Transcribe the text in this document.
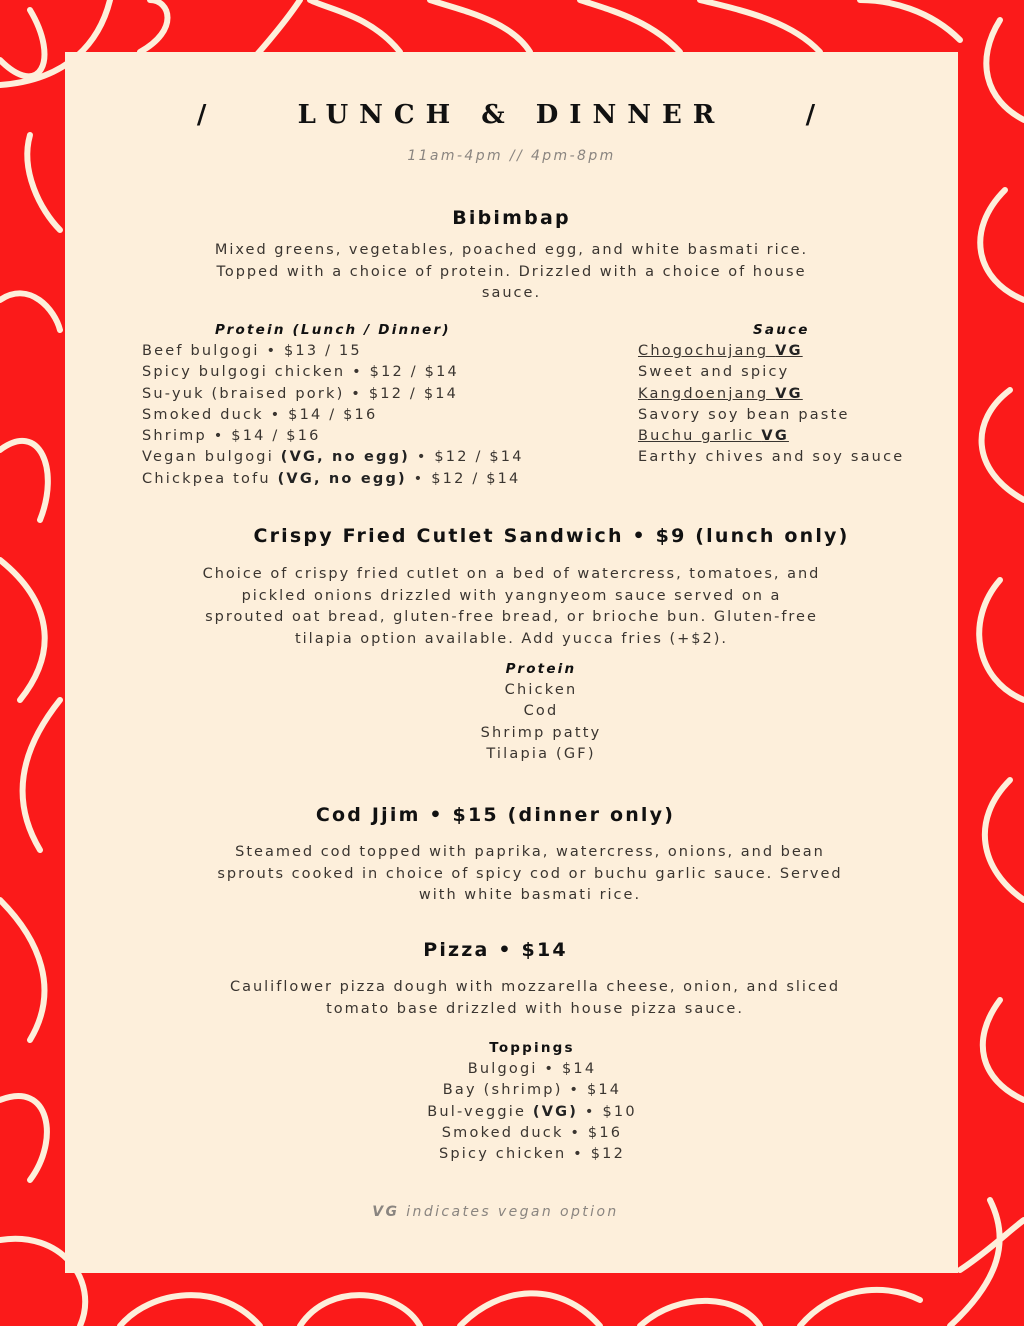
/    LUNCH & DINNER    /
11am-4pm // 4pm-8pm
Bibimbap
Mixed greens, vegetables, poached egg, and white basmati rice. Topped with a choice of protein. Drizzled with a choice of house sauce.
Protein (Lunch / Dinner)
Beef bulgogi • $13 / 15
Spicy bulgogi chicken • $12 / $14
Su-yuk (braised pork) • $12 / $14
Smoked duck • $14 / $16
Shrimp • $14 / $16
Vegan bulgogi (VG, no egg) • $12 / $14
Chickpea tofu (VG, no egg) • $12 / $14
Sauce
Chogochujang VG
Sweet and spicy
Kangdoenjang VG
Savory soy bean paste
Buchu garlic VG
Earthy chives and soy sauce
Crispy Fried Cutlet Sandwich • $9 (lunch only)
Choice of crispy fried cutlet on a bed of watercress, tomatoes, and
pickled onions drizzled with yangnyeom sauce served on a
sprouted oat bread, gluten-free bread, or brioche bun. Gluten-free
tilapia option available. Add yucca fries (+$2).
Protein
Chicken
Cod
Shrimp patty
Tilapia (GF)
Cod Jjim • $15 (dinner only)
Steamed cod topped with paprika, watercress, onions, and bean
sprouts cooked in choice of spicy cod or buchu garlic sauce. Served
with white basmati rice.
Pizza • $14
Cauliflower pizza dough with mozzarella cheese, onion, and sliced
tomato base drizzled with house pizza sauce.
Toppings
Bulgogi • $14
Bay (shrimp) • $14
Bul-veggie (VG) • $10
Smoked duck • $16
Spicy chicken • $12
VG indicates vegan option
